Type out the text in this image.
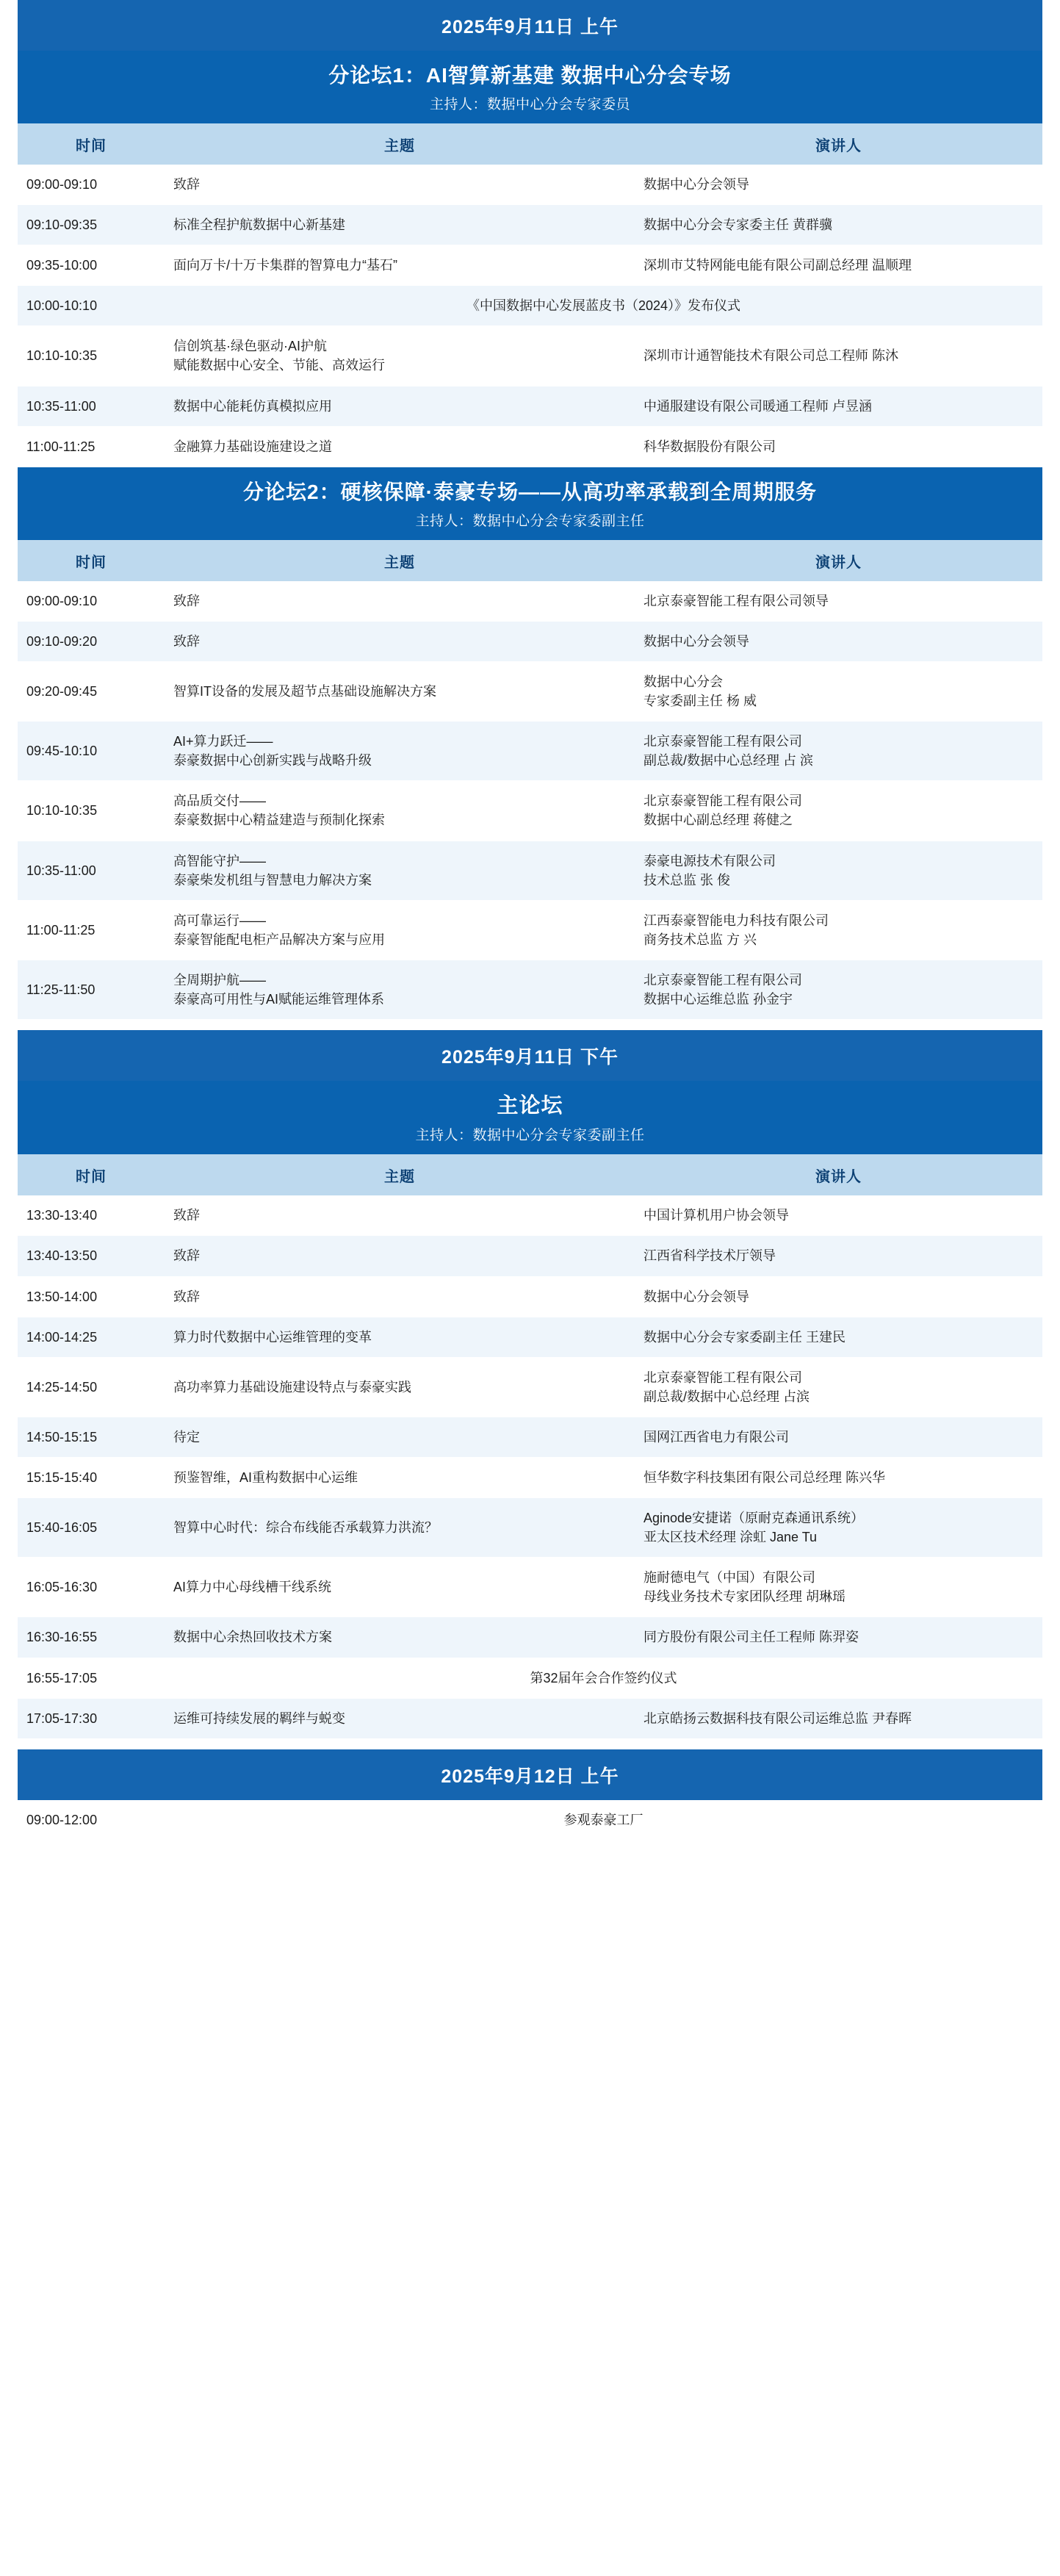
2025年9月11日 上午
分论坛1：AI智算新基建 数据中心分会专场
主持人：数据中心分会专家委员
时间	主题	演讲人
09:00-09:10	致辞	数据中心分会领导

09:10-09:35	标准全程护航数据中心新基建	数据中心分会专家委主任 黄群骥

09:35-10:00	面向万卡/十万卡集群的智算电力“基石”	深圳市艾特网能电能有限公司副总经理 温顺理

10:00-10:10	《中国数据中心发展蓝皮书（2024）》发布仪式	
10:10-10:35	信创筑基·绿色驱动·AI护航
赋能数据中心安全、节能、高效运行	深圳市计通智能技术有限公司总工程师 陈沐

10:35-11:00	数据中心能耗仿真模拟应用	中通服建设有限公司暖通工程师 卢昱涵

11:00-11:25	金融算力基础设施建设之道	科华数据股份有限公司
分论坛2：硬核保障·泰豪专场——从高功率承载到全周期服务
主持人：数据中心分会专家委副主任
时间	主题	演讲人
09:00-09:10	致辞	北京泰豪智能工程有限公司领导

09:10-09:20	致辞	数据中心分会领导

09:20-09:45	智算IT设备的发展及超节点基础设施解决方案	数据中心分会
专家委副主任 杨 威

09:45-10:10	AI+算力跃迁——
泰豪数据中心创新实践与战略升级	北京泰豪智能工程有限公司
副总裁/数据中心总经理 占 滨

10:10-10:35	高品质交付——
泰豪数据中心精益建造与预制化探索	北京泰豪智能工程有限公司
数据中心副总经理 蒋健之

10:35-11:00	高智能守护——
泰豪柴发机组与智慧电力解决方案	泰豪电源技术有限公司
技术总监 张 俊

11:00-11:25	高可靠运行——
泰豪智能配电柜产品解决方案与应用	江西泰豪智能电力科技有限公司
商务技术总监 方 兴

11:25-11:50	全周期护航——
泰豪高可用性与AI赋能运维管理体系	北京泰豪智能工程有限公司
数据中心运维总监 孙金宇
2025年9月11日 下午
主论坛
主持人：数据中心分会专家委副主任
时间	主题	演讲人
13:30-13:40	致辞	中国计算机用户协会领导

13:40-13:50	致辞	江西省科学技术厅领导

13:50-14:00	致辞	数据中心分会领导

14:00-14:25	算力时代数据中心运维管理的变革	数据中心分会专家委副主任 王建民

14:25-14:50	高功率算力基础设施建设特点与泰豪实践	北京泰豪智能工程有限公司
副总裁/数据中心总经理 占滨

14:50-15:15	待定	国网江西省电力有限公司

15:15-15:40	预鉴智维，AI重构数据中心运维	恒华数字科技集团有限公司总经理 陈兴华

15:40-16:05	智算中心时代：综合布线能否承载算力洪流？	Aginode安捷诺（原耐克森通讯系统）
亚太区技术经理 涂虹 Jane Tu

16:05-16:30	AI算力中心母线槽干线系统	施耐德电气（中国）有限公司
母线业务技术专家团队经理 胡琳瑶

16:30-16:55	数据中心余热回收技术方案	同方股份有限公司主任工程师 陈羿姿

16:55-17:05	第32届年会合作签约仪式	
17:05-17:30	运维可持续发展的羁绊与蜕变	北京皓扬云数据科技有限公司运维总监 尹春晖
2025年9月12日 上午
09:00-12:00	参观泰豪工厂
